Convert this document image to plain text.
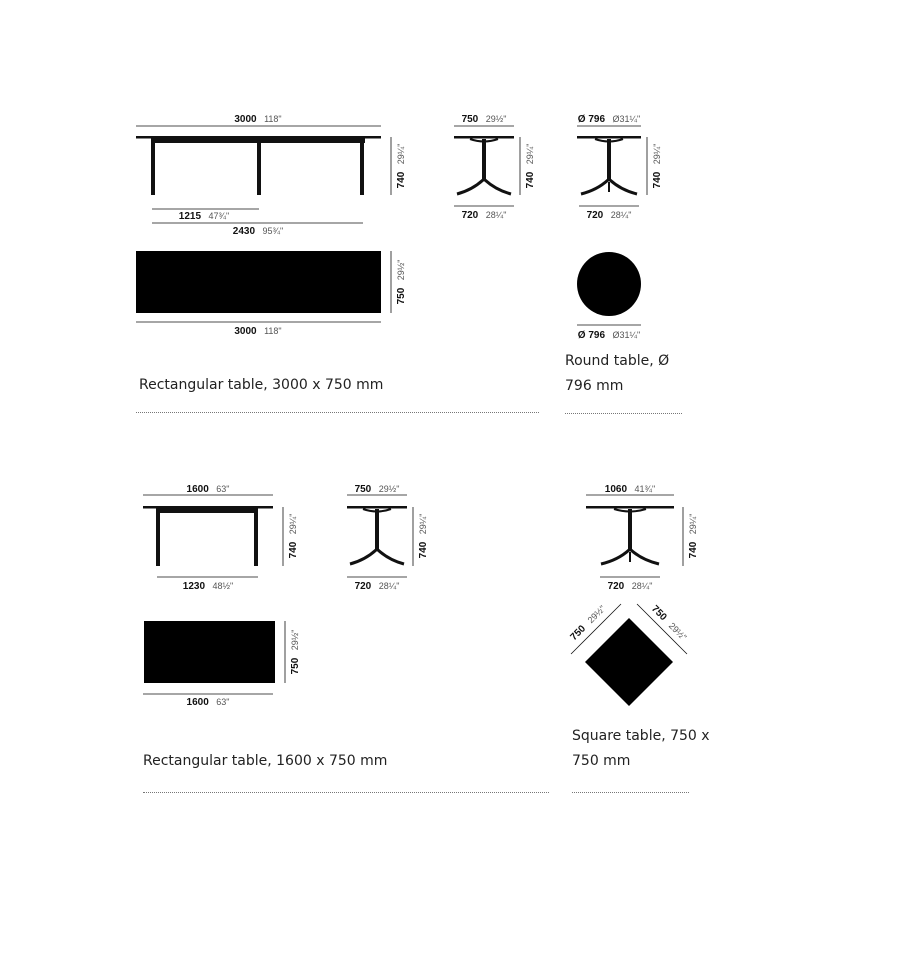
3000 118"
740 29¼"
1215 47¾"
2430 95¾"
750 29½"
3000 118"
750 29½"
740 29¼"
720 28¼"
Ø 796 Ø31¼"
740 29¼"
720 28¼"
Ø 796 Ø31¼"
1600 63"
740 29¼"
1230 48½"
750 29½"
1600 63"
750 29½"
740 29¼"
720 28¼"
1060 41¾"
740 29¼"
720 28¼"
750 29½"	750 29½"
Rectangular table, 3000 x 750 mm
Round table, Ø 796 mm
Rectangular table, 1600 x 750 mm
Square table, 750 x 750 mm
